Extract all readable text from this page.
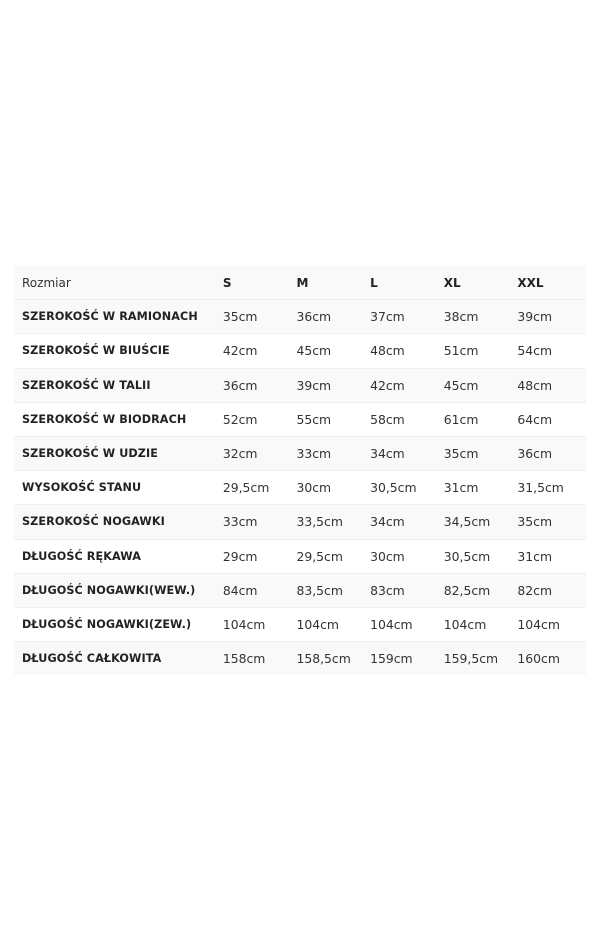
Rozmiar	S	M	L	XL	XXL
SZEROKOŚĆ W RAMIONACH	35cm	36cm	37cm	38cm	39cm
SZEROKOŚĆ W BIUŚCIE	42cm	45cm	48cm	51cm	54cm
SZEROKOŚĆ W TALII	36cm	39cm	42cm	45cm	48cm
SZEROKOŚĆ W BIODRACH	52cm	55cm	58cm	61cm	64cm
SZEROKOŚĆ W UDZIE	32cm	33cm	34cm	35cm	36cm
WYSOKOŚĆ STANU	29,5cm	30cm	30,5cm	31cm	31,5cm
SZEROKOŚĆ NOGAWKI	33cm	33,5cm	34cm	34,5cm	35cm
DŁUGOŚĆ RĘKAWA	29cm	29,5cm	30cm	30,5cm	31cm
DŁUGOŚĆ NOGAWKI(WEW.)	84cm	83,5cm	83cm	82,5cm	82cm
DŁUGOŚĆ NOGAWKI(ZEW.)	104cm	104cm	104cm	104cm	104cm
DŁUGOŚĆ CAŁKOWITA	158cm	158,5cm	159cm	159,5cm	160cm
